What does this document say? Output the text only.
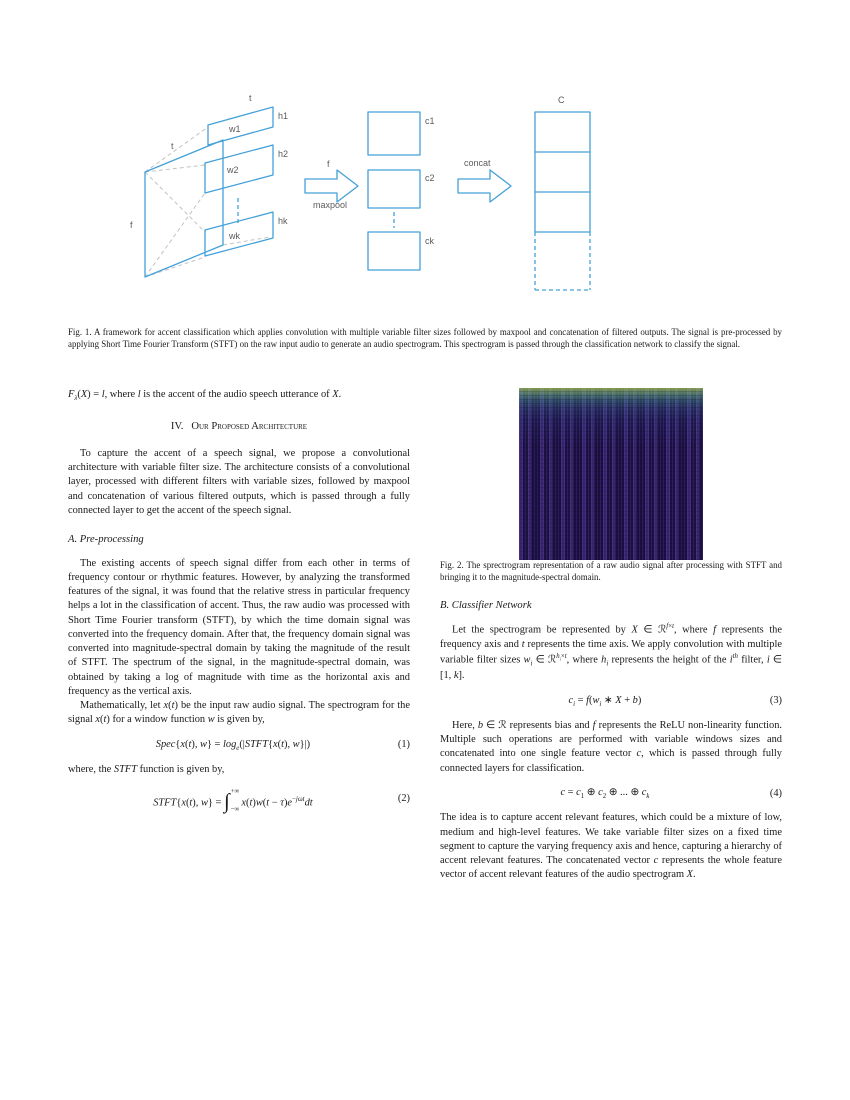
t
f
t
w1
h1
w2
h2
wk
hk
f
maxpool
c1
c2
ck
concat
C

Fig. 1. A framework for accent classification which applies convolution with multiple variable filter sizes followed by maxpool and concatenation of filtered outputs. The signal is pre-processed by applying Short Time Fourier Transform (STFT) on the raw input audio to generate an audio spectrogram. This spectrogram is passed through the classification network to classify the signal.

$F_\lambda(X) = l$, where l is the accent of the audio speech utterance of X.

IV.   Our Proposed Architecture

To capture the accent of a speech signal, we propose a convolutional architecture with variable filter size. The architecture consists of a convolutional layer, processed with different filters with variable sizes, followed by maxpool and concatenation of various filtered outputs, which is passed through a fully connected layer to get the accent of the speech signal.

A. Pre-processing

The existing accents of speech signal differ from each other in terms of frequency contour or rhythmic features. However, by analyzing the transformed features of the signal, it was found that the relative stress in particular frequency helps a lot in the classification of accent. Thus, the raw audio was processed with Short Time Fourier transform (STFT), by which the time domain signal was converted into the frequency domain. After that, the frequency domain signal was converted into magnitude-spectral domain by taking the magnitude of the result of STFT. The spectrum of the signal, in the magnitude-spectral domain, was obtained by taking a log of magnitude with time as the horizontal axis and frequency as the vertical axis.

Mathematically, let x(t) be the input raw audio signal. The spectrogram for the signal x(t) for a window function w is given by,

Spec{x(t), $w\} = \log_e(|STFT\{x(t)$, w}|)	(1)

where, the STFT function is given by,

STFT{x(t), w} = ∫ +∞
−∞
$x(t)w(t - \tau)e^{-j\omega t}dt$	(2)

Fig. 2. The sprectrogram representation of a raw audio signal after processing with STFT and bringing it to the magnitude-spectral domain.

B. Classifier Network

Let the spectrogram be represented by X ∈ ℛ$^{f\times t}$, where f represents the frequency axis and t represents the time axis. We apply convolution with multiple variable filter sizes $w_i$ ∈ ℛ$^{h_i\times t}$, where $h_i$ represents the height of the $i^{th}$ filter, i ∈ [1, k].

$c_i = f(w_i$ ∗ X + b)	(3)

Here, b ∈ ℛ represents bias and f represents the ReLU non-linearity function. Multiple such operations are performed with variable windows sizes and concatenated into one single feature vector c, which is passed through fully connected layers for classification.

$c = c_1$ ⊕ $c_2$ ⊕ ... ⊕ $c_k$	(4)

The idea is to capture accent relevant features, which could be a mixture of low, medium and high-level features. We take variable filter sizes on a fixed time segment to capture the varying frequency axis and hence, capturing a hierarchy of accent relevant features. The concatenated vector c represents the whole feature vector of accent relevant features of the audio spectrogram X.
